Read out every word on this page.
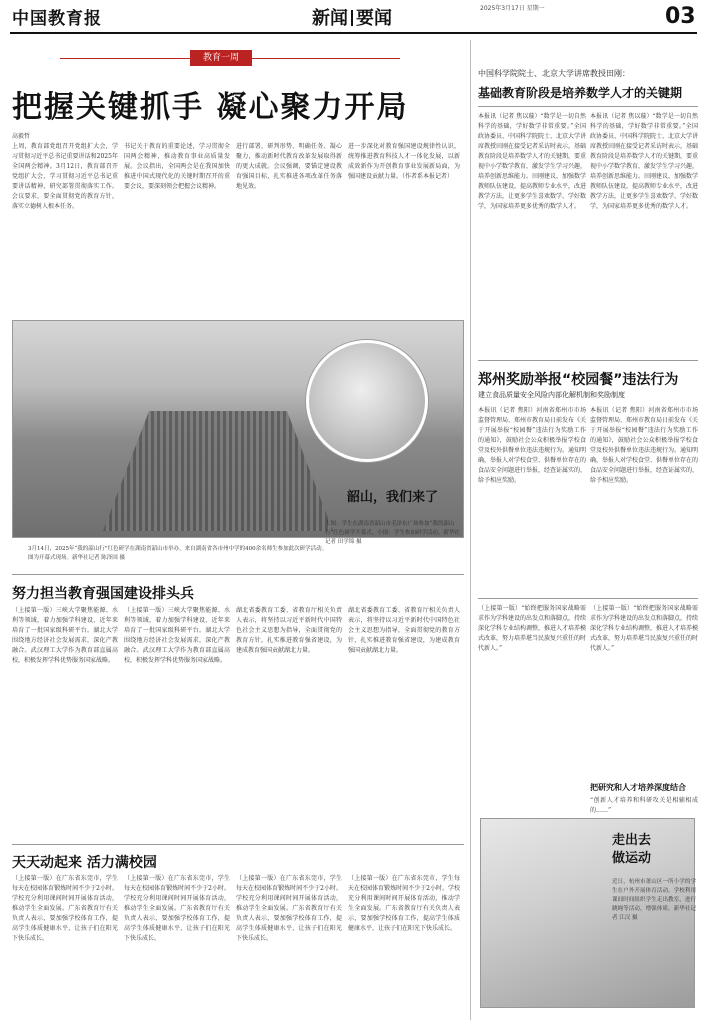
中国教育报	新闻 要闻	2025年3月17日 星期一	03
教育一周
把握关键抓手 凝心聚力开局
高毅哲
上周，教育部党组召开党组扩大会，学习贯彻习近平总书记重要讲话和2025年全国两会精神。3月12日，教育部召开党组扩大会，学习贯彻习近平总书记重要讲话精神，研究部署贯彻落实工作。会议要求，要全面贯彻党的教育方针，落实立德树人根本任务。
书记关于教育的重要论述，学习贯彻全国两会精神，推动教育事业高质量发展。会议指出，全国两会是在我国加快推进中国式现代化的关键时期召开的重要会议，要深刻领会把握会议精神。
进行部署，研判形势、明确任务、凝心聚力，推动新时代教育改革发展取得新的更大成就。会议强调，要锚定建设教育强国目标，扎实推进各项改革任务落地见效。
进一步深化对教育强国建设规律性认识，统筹推进教育科技人才一体化发展，以新成效新作为开创教育事业发展新局面，为强国建设贡献力量。（作者系本报记者）
韶山，我们来了
3月14日，2025年“我的韶山行”红色研学在湖南省韶山市举办，来自湖南省各市州中学的400余名师生参加此次研学活动。图为开幕式现场。新华社记者 陈泽国 摄
大图：学生在湖南省韶山市毛泽东广场参加“我的韶山行”红色研学开幕式。小图：学生参加研学活动。新华社记者 田学锦 摄
中国科学院院士、北京大学讲席教授田刚：
基础教育阶段是培养数学人才的关键期
本报讯（记者 焦以璇）“数学是一切自然科学的基础，学好数学非常重要。”全国政协委员、中国科学院院士、北京大学讲席教授田刚在接受记者采访时表示，基础教育阶段是培养数学人才的关键期，要重视中小学数学教育，激发学生学习兴趣，培养创新思维能力。田刚建议，加强数学教师队伍建设，提高教师专业水平，改进教学方法，让更多学生喜欢数学、学好数学，为国家培养更多优秀的数学人才。
本报讯（记者 焦以璇）“数学是一切自然科学的基础，学好数学非常重要。”全国政协委员、中国科学院院士、北京大学讲席教授田刚在接受记者采访时表示，基础教育阶段是培养数学人才的关键期，要重视中小学数学教育，激发学生学习兴趣，培养创新思维能力。田刚建议，加强数学教师队伍建设，提高教师专业水平，改进教学方法，让更多学生喜欢数学、学好数学，为国家培养更多优秀的数学人才。
郑州奖励举报“校园餐”违法行为
建立食品质量安全风险内部化解机制和奖励制度
本报讯（记者 焦阳）河南省郑州市市场监督管理局、郑州市教育局日前发布《关于开展举报“校园餐”违法行为奖励工作的通知》，鼓励社会公众积极举报学校食堂及校外供餐单位违法违规行为。通知明确，举报人对学校食堂、供餐单位存在的食品安全问题进行举报，经查证属实的，给予相应奖励。
本报讯（记者 焦阳）河南省郑州市市场监督管理局、郑州市教育局日前发布《关于开展举报“校园餐”违法行为奖励工作的通知》，鼓励社会公众积极举报学校食堂及校外供餐单位违法违规行为。通知明确，举报人对学校食堂、供餐单位存在的食品安全问题进行举报，经查证属实的，给予相应奖励。
（上接第一版）“始终把服务国家战略需求作为学科建设的出发点和落脚点，持续深化学科专业结构调整，推进人才培养模式改革，努力培养堪当民族复兴重任的时代新人。”
（上接第一版）“始终把服务国家战略需求作为学科建设的出发点和落脚点，持续深化学科专业结构调整，推进人才培养模式改革，努力培养堪当民族复兴重任的时代新人。”
把研究和人才培养深度结合
“创新人才培养和科研攻关是相辅相成的……”
努力担当教育强国建设排头兵
（上接第一版）三峡大学聚焦能源、水利等领域，着力加强学科建设，近年来培育了一批国家级科研平台。湖北大学围绕地方经济社会发展需求，深化产教融合。武汉理工大学作为教育部直属高校，积极发挥学科优势服务国家战略。
（上接第一版）三峡大学聚焦能源、水利等领域，着力加强学科建设，近年来培育了一批国家级科研平台。湖北大学围绕地方经济社会发展需求，深化产教融合。武汉理工大学作为教育部直属高校，积极发挥学科优势服务国家战略。
湖北省委教育工委、省教育厅相关负责人表示，将坚持以习近平新时代中国特色社会主义思想为指导，全面贯彻党的教育方针，扎实推进教育强省建设，为建成教育强国贡献湖北力量。
湖北省委教育工委、省教育厅相关负责人表示，将坚持以习近平新时代中国特色社会主义思想为指导，全面贯彻党的教育方针，扎实推进教育强省建设，为建成教育强国贡献湖北力量。
天天动起来 活力满校园
（上接第一版）在广东省东莞市，学生每天在校园体育锻炼时间不少于2小时。学校充分利用课间时间开展体育活动，推动学生全面发展。广东省教育厅有关负责人表示，要加强学校体育工作，提高学生体质健康水平，让孩子们在阳光下快乐成长。
（上接第一版）在广东省东莞市，学生每天在校园体育锻炼时间不少于2小时。学校充分利用课间时间开展体育活动，推动学生全面发展。广东省教育厅有关负责人表示，要加强学校体育工作，提高学生体质健康水平，让孩子们在阳光下快乐成长。
（上接第一版）在广东省东莞市，学生每天在校园体育锻炼时间不少于2小时。学校充分利用课间时间开展体育活动，推动学生全面发展。广东省教育厅有关负责人表示，要加强学校体育工作，提高学生体质健康水平，让孩子们在阳光下快乐成长。
（上接第一版）在广东省东莞市，学生每天在校园体育锻炼时间不少于2小时。学校充分利用课间时间开展体育活动，推动学生全面发展。广东省教育厅有关负责人表示，要加强学校体育工作，提高学生体质健康水平，让孩子们在阳光下快乐成长。
走出去
做运动
近日，杭州市萧山区一所小学的学生在户外开展体育活动。学校利用课间时间组织学生走出教室，进行跳绳等活动，增强体质。新华社记者 江汉 摄
